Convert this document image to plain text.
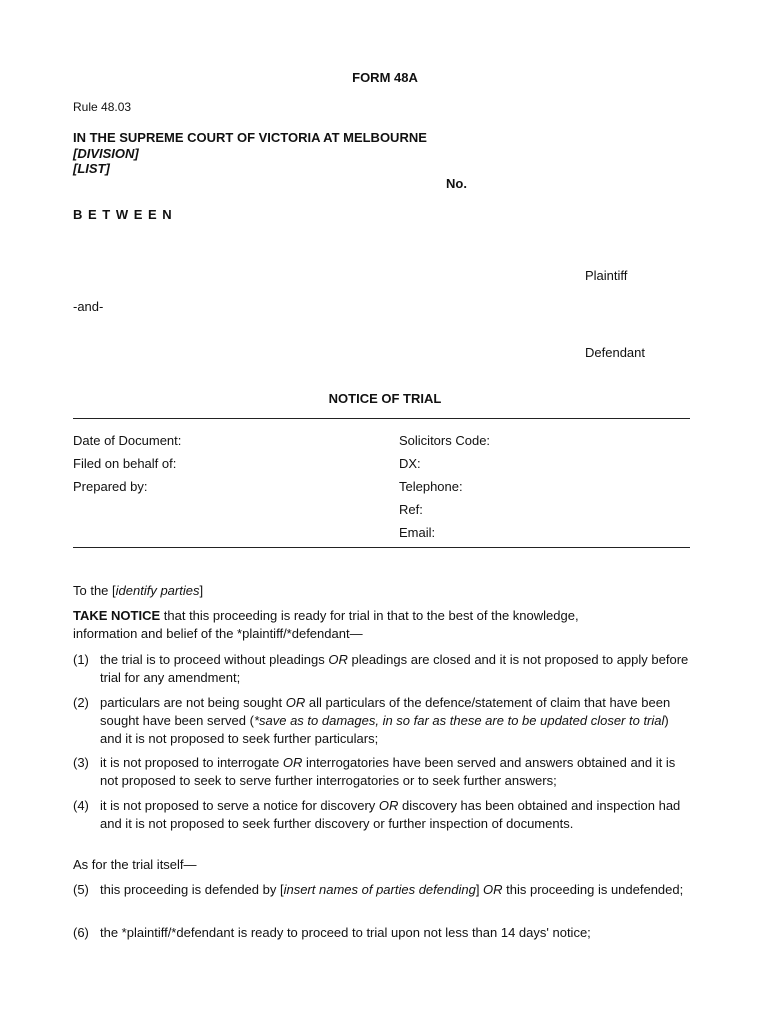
FORM 48A
Rule 48.03
IN THE SUPREME COURT OF VICTORIA AT MELBOURNE
[DIVISION]
[LIST]
No.
B E T W E E N
Plaintiff
-and-
Defendant
NOTICE OF TRIAL
Date of Document:
Filed on behalf of:
Prepared by:
Solicitors Code:
DX:
Telephone:
Ref:
Email:
To the [identify parties]
TAKE NOTICE that this proceeding is ready for trial in that to the best of the knowledge,
information and belief of the *plaintiff/*defendant—
(1) the trial is to proceed without pleadings OR pleadings are closed and it is not proposed to apply before trial for any amendment;
(2) particulars are not being sought OR all particulars of the defence/statement of claim that have been sought have been served (*save as to damages, in so far as these are to be updated closer to trial) and it is not proposed to seek further particulars;
(3) it is not proposed to interrogate OR interrogatories have been served and answers obtained and it is not proposed to seek to serve further interrogatories or to seek further answers;
(4) it is not proposed to serve a notice for discovery OR discovery has been obtained and inspection had and it is not proposed to seek further discovery or further inspection of documents.
As for the trial itself—
(5) this proceeding is defended by [insert names of parties defending] OR this proceeding is undefended;
(6) the *plaintiff/*defendant is ready to proceed to trial upon not less than 14 days' notice;
